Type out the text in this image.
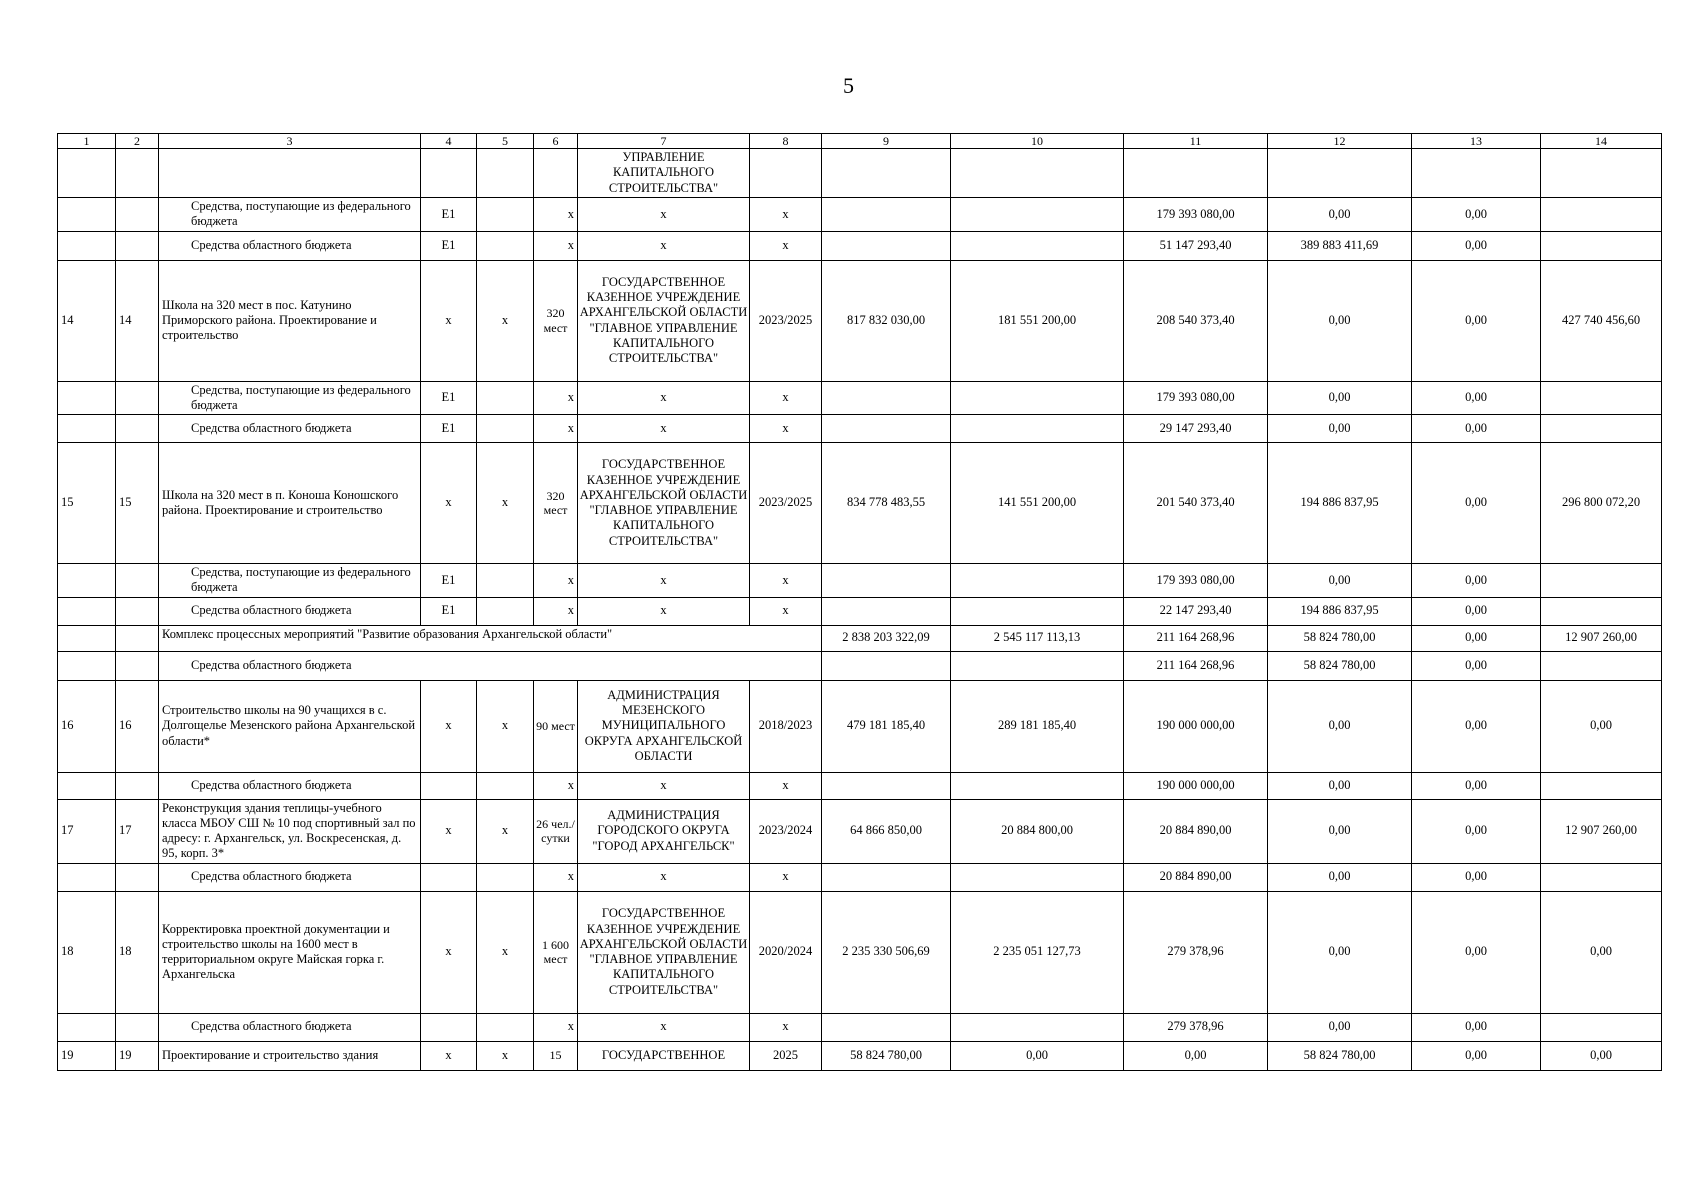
5
1	2	3	4	5	6	7	8	9	10	11	12	13	14
						УПРАВЛЕНИЕ КАПИТАЛЬНОГО СТРОИТЕЛЬСТВА"							
		Средства, поступающие из федерального бюджета	Е1		х	х	х			179 393 080,00	0,00	0,00	
		Средства областного бюджета	Е1		х	х	х			51 147 293,40	389 883 411,69	0,00	
14	14	Школа на 320 мест в пос. Катунино Приморского района. Проектирование и строительство	х	х	320 мест	ГОСУДАРСТВЕННОЕ КАЗЕННОЕ УЧРЕЖДЕНИЕ АРХАНГЕЛЬСКОЙ ОБЛАСТИ "ГЛАВНОЕ УПРАВЛЕНИЕ КАПИТАЛЬНОГО СТРОИТЕЛЬСТВА"	2023/2025	817 832 030,00	181 551 200,00	208 540 373,40	0,00	0,00	427 740 456,60
		Средства, поступающие из федерального бюджета	Е1		х	х	х			179 393 080,00	0,00	0,00	
		Средства областного бюджета	Е1		х	х	х			29 147 293,40	0,00	0,00	
15	15	Школа на 320 мест в п. Коноша Коношского района. Проектирование и строительство	х	х	320 мест	ГОСУДАРСТВЕННОЕ КАЗЕННОЕ УЧРЕЖДЕНИЕ АРХАНГЕЛЬСКОЙ ОБЛАСТИ "ГЛАВНОЕ УПРАВЛЕНИЕ КАПИТАЛЬНОГО СТРОИТЕЛЬСТВА"	2023/2025	834 778 483,55	141 551 200,00	201 540 373,40	194 886 837,95	0,00	296 800 072,20
		Средства, поступающие из федерального бюджета	Е1		х	х	х			179 393 080,00	0,00	0,00	
		Средства областного бюджета	Е1		х	х	х			22 147 293,40	194 886 837,95	0,00	
		Комплекс процессных мероприятий "Развитие образования Архангельской области"						2 838 203 322,09	2 545 117 113,13	211 164 268,96	58 824 780,00	0,00	12 907 260,00
		Средства областного бюджета								211 164 268,96	58 824 780,00	0,00	
16	16	Строительство школы на 90 учащихся в с. Долгощелье Мезенского района Архангельской области*	х	х	90 мест	АДМИНИСТРАЦИЯ МЕЗЕНСКОГО МУНИЦИПАЛЬНОГО ОКРУГА АРХАНГЕЛЬСКОЙ ОБЛАСТИ	2018/2023	479 181 185,40	289 181 185,40	190 000 000,00	0,00	0,00	0,00
		Средства областного бюджета			х	х	х			190 000 000,00	0,00	0,00	
17	17	Реконструкция здания теплицы-учебного класса МБОУ СШ № 10 под спортивный зал по адресу: г. Архангельск, ул. Воскресенская, д. 95, корп. 3*	х	х	26 чел./сутки	АДМИНИСТРАЦИЯ ГОРОДСКОГО ОКРУГА "ГОРОД АРХАНГЕЛЬСК"	2023/2024	64 866 850,00	20 884 800,00	20 884 890,00	0,00	0,00	12 907 260,00
		Средства областного бюджета			х	х	х			20 884 890,00	0,00	0,00	
18	18	Корректировка проектной документации и строительство школы на 1600 мест в территориальном округе Майская горка г. Архангельска	х	х	1 600 мест	ГОСУДАРСТВЕННОЕ КАЗЕННОЕ УЧРЕЖДЕНИЕ АРХАНГЕЛЬСКОЙ ОБЛАСТИ "ГЛАВНОЕ УПРАВЛЕНИЕ КАПИТАЛЬНОГО СТРОИТЕЛЬСТВА"	2020/2024	2 235 330 506,69	2 235 051 127,73	279 378,96	0,00	0,00	0,00
		Средства областного бюджета			х	х	х			279 378,96	0,00	0,00	
19	19	Проектирование и строительство здания	х	х	15	ГОСУДАРСТВЕННОЕ	2025	58 824 780,00	0,00	0,00	58 824 780,00	0,00	0,00
